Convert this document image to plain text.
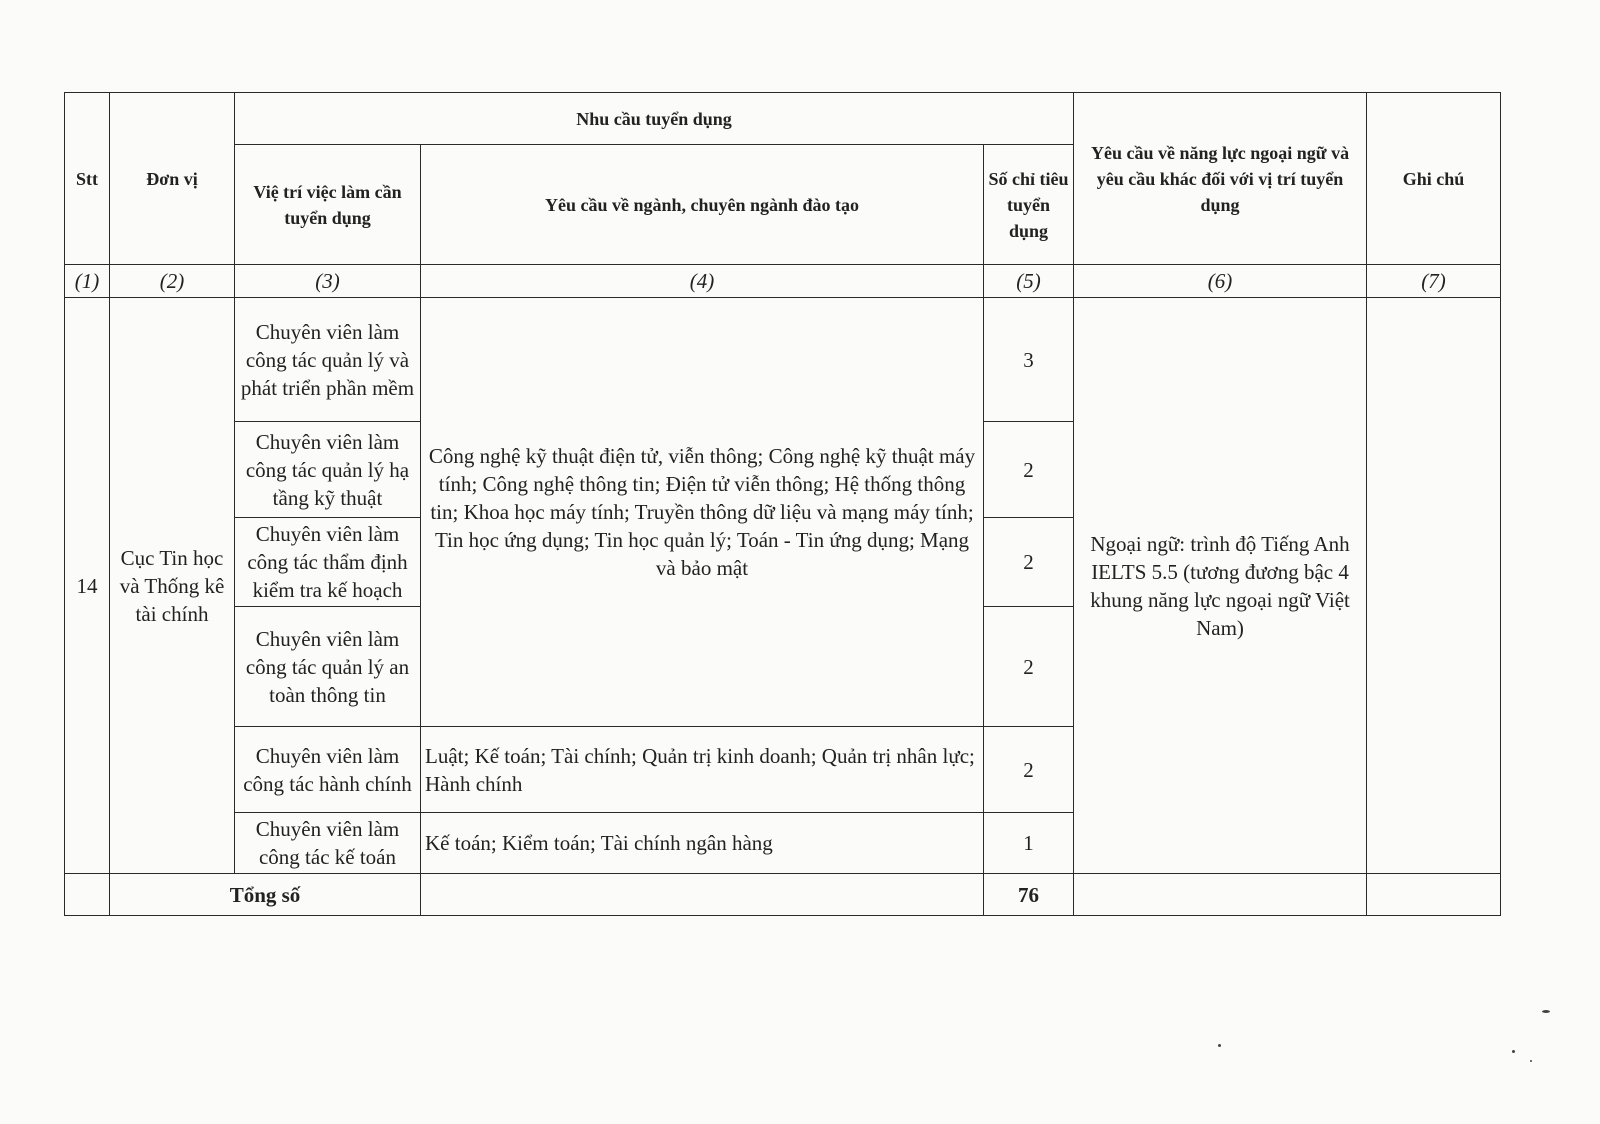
Stt	Đơn vị	Nhu cầu tuyển dụng			Yêu cầu về năng lực ngoại ngữ và yêu cầu khác đối với vị trí tuyển dụng	Ghi chú
		Việ trí việc làm cần tuyển dụng	Yêu cầu về ngành, chuyên ngành đào tạo	Số chỉ tiêu tuyển dụng		
(1)	(2)	(3)	(4)	(5)	(6)	(7)
14	Cục Tin học và Thống kê tài chính	Chuyên viên làm công tác quản lý và phát triển phần mềm	Công nghệ kỹ thuật điện tử, viễn thông; Công nghệ kỹ thuật máy tính; Công nghệ thông tin; Điện tử viễn thông; Hệ thống thông tin; Khoa học máy tính; Truyền thông dữ liệu và mạng máy tính; Tin học ứng dụng; Tin học quản lý; Toán - Tin ứng dụng; Mạng và bảo mật	3	Ngoại ngữ: trình độ Tiếng Anh IELTS 5.5 (tương đương bậc 4 khung năng lực ngoại ngữ Việt Nam)	
		Chuyên viên làm công tác quản lý hạ tầng kỹ thuật		2		
		Chuyên viên làm công tác thẩm định kiểm tra kế hoạch		2		
		Chuyên viên làm công tác quản lý an toàn thông tin		2		
		Chuyên viên làm công tác hành chính	Luật; Kế toán; Tài chính; Quản trị kinh doanh; Quản trị nhân lực; Hành chính	2		
		Chuyên viên làm công tác kế toán	Kế toán; Kiểm toán; Tài chính ngân hàng	1		
	Tổng số			76		
